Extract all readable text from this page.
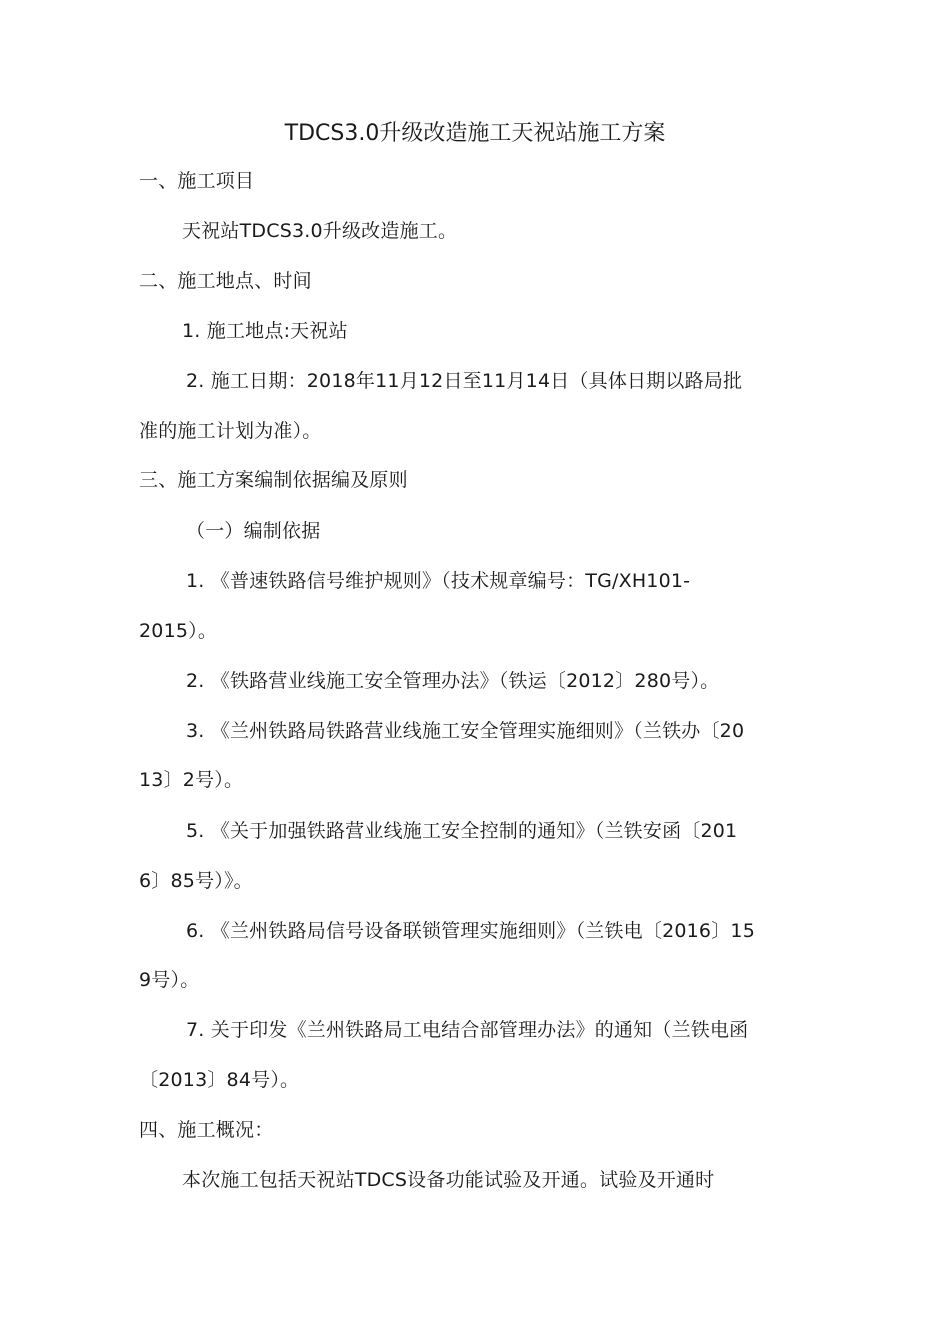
TDCS3.0升级改造施工天祝站施工方案
一、施工项目
天祝站TDCS3.0升级改造施工。
二、施工地点、时间
1. 施工地点:天祝站
2. 施工日期：2018年11月12日至11月14日（具体日期以路局批
准的施工计划为准）。
三、施工方案编制依据编及原则
（一）编制依据
1. 《普速铁路信号维护规则》（技术规章编号：TG/XH101-
2015）。
2. 《铁路营业线施工安全管理办法》（铁运〔2012〕280号）。
3. 《兰州铁路局铁路营业线施工安全管理实施细则》（兰铁办〔20
13〕2号）。
5. 《关于加强铁路营业线施工安全控制的通知》（兰铁安函〔201
6〕85号）》。
6. 《兰州铁路局信号设备联锁管理实施细则》（兰铁电〔2016〕15
9号）。
7. 关于印发《兰州铁路局工电结合部管理办法》的通知（兰铁电函
〔2013〕84号）。
四、施工概况：
本次施工包括天祝站TDCS设备功能试验及开通。试验及开通时
